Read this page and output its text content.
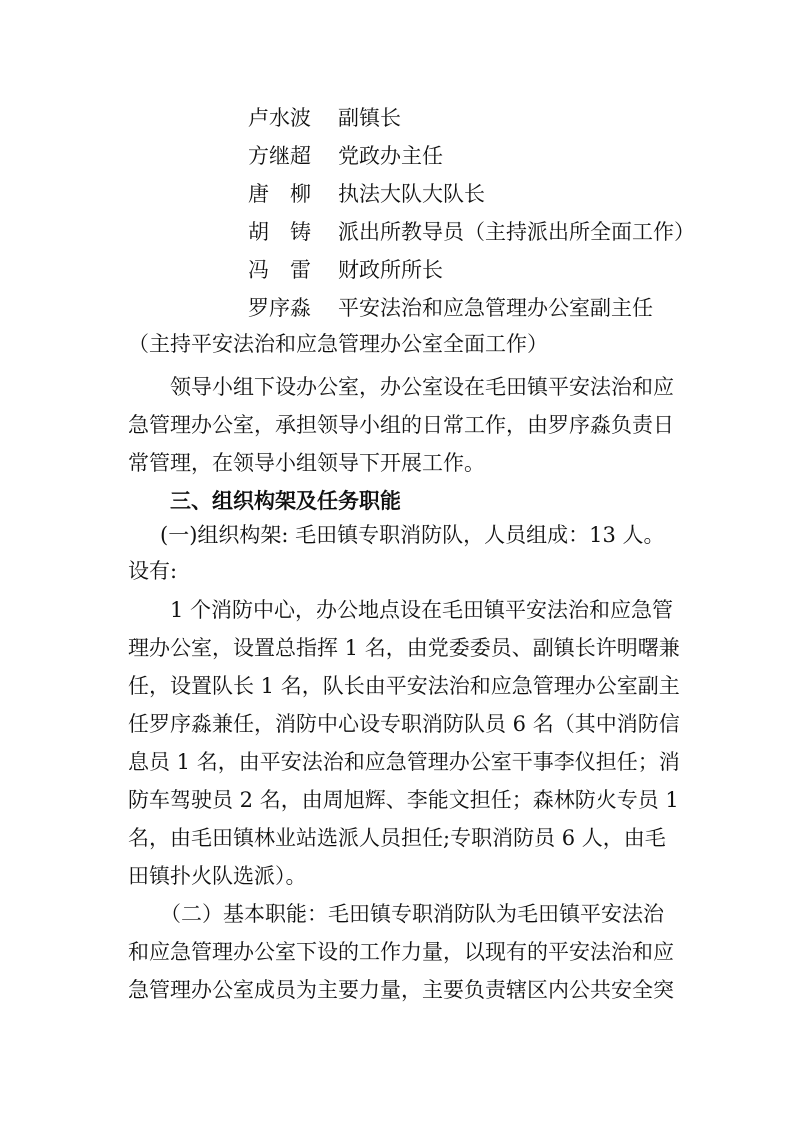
卢水波 副镇长
方继超 党政办主任
唐　柳 执法大队大队长
胡　铸 派出所教导员（主持派出所全面工作）
冯　雷 财政所所长
罗序淼 平安法治和应急管理办公室副主任
（主持平安法治和应急管理办公室全面工作）
领导小组下设办公室，办公室设在毛田镇平安法治和应
急管理办公室，承担领导小组的日常工作，由罗序淼负责日
常管理，在领导小组领导下开展工作。
三、组织构架及任务职能
(一)组织构架: 毛田镇专职消防队，人员组成：13 人。
设有:
1 个消防中心，办公地点设在毛田镇平安法治和应急管
理办公室，设置总指挥 1 名，由党委委员、副镇长许明曙兼
任，设置队长 1 名，队长由平安法治和应急管理办公室副主
任罗序淼兼任，消防中心设专职消防队员 6 名（其中消防信
息员 1 名，由平安法治和应急管理办公室干事李仪担任；消
防车驾驶员 2 名，由周旭辉、李能文担任；森林防火专员 1
名，由毛田镇林业站选派人员担任;专职消防员 6 人，由毛
田镇扑火队选派）。
（二）基本职能：毛田镇专职消防队为毛田镇平安法治
和应急管理办公室下设的工作力量，以现有的平安法治和应
急管理办公室成员为主要力量，主要负责辖区内公共安全突
